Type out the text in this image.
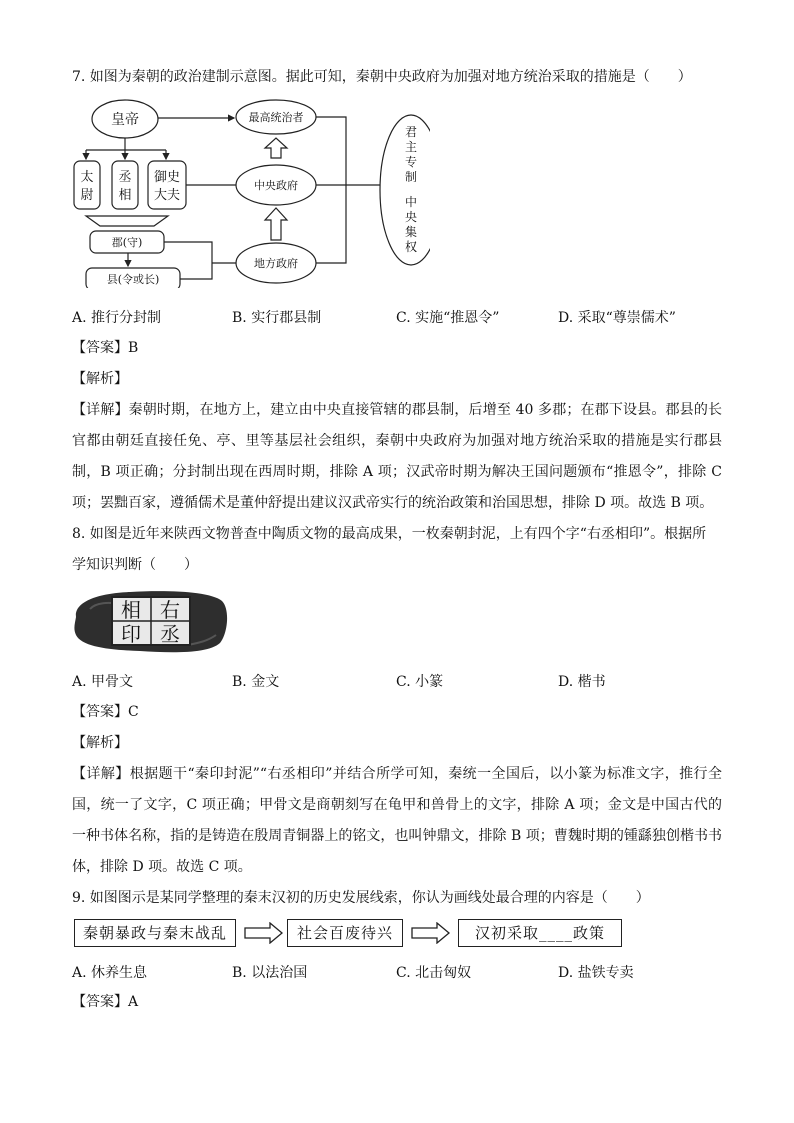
7. 如图为秦朝的政治建制示意图。据此可知，秦朝中央政府为加强对地方统治采取的措施是（　　）
皇帝	最高统治者
中央政府
地方政府
太
尉
丞
相
御史
大夫
郡(守)
县(令或长)
君
主
专
制
中
央
集
权
A. 推行分封制	B. 实行郡县制	C. 实施“推恩令”	D. 采取“尊崇儒术”
【答案】B
【解析】
【详解】秦朝时期，在地方上，建立由中央直接管辖的郡县制，后增至 40 多郡；在郡下设县。郡县的长官都由朝廷直接任免、亭、里等基层社会组织，秦朝中央政府为加强对地方统治采取的措施是实行郡县制，B 项正确；分封制出现在西周时期，排除 A 项；汉武帝时期为解决王国问题颁布“推恩令”，排除 C 项；罢黜百家，遵循儒术是董仲舒提出建议汉武帝实行的统治政策和治国思想，排除 D 项。故选 B 项。
8. 如图是近年来陕西文物普查中陶质文物的最高成果，一枚秦朝封泥，上有四个字“右丞相印”。根据所
学知识判断（　　）
相 右
印 丞
A. 甲骨文	B. 金文	C. 小篆	D. 楷书
【答案】C
【解析】
【详解】根据题干“秦印封泥”“右丞相印”并结合所学可知，秦统一全国后，以小篆为标准文字，推行全国，统一了文字，C 项正确；甲骨文是商朝刻写在龟甲和兽骨上的文字，排除 A 项；金文是中国古代的一种书体名称，指的是铸造在殷周青铜器上的铭文，也叫钟鼎文，排除 B 项；曹魏时期的锺繇独创楷书书体，排除 D 项。故选 C 项。
9. 如图图示是某同学整理的秦末汉初的历史发展线索，你认为画线处最合理的内容是（　　）
秦朝暴政与秦末战乱	社会百废待兴	汉初采取____政策
A. 休养生息	B. 以法治国	C. 北击匈奴	D. 盐铁专卖
【答案】A
